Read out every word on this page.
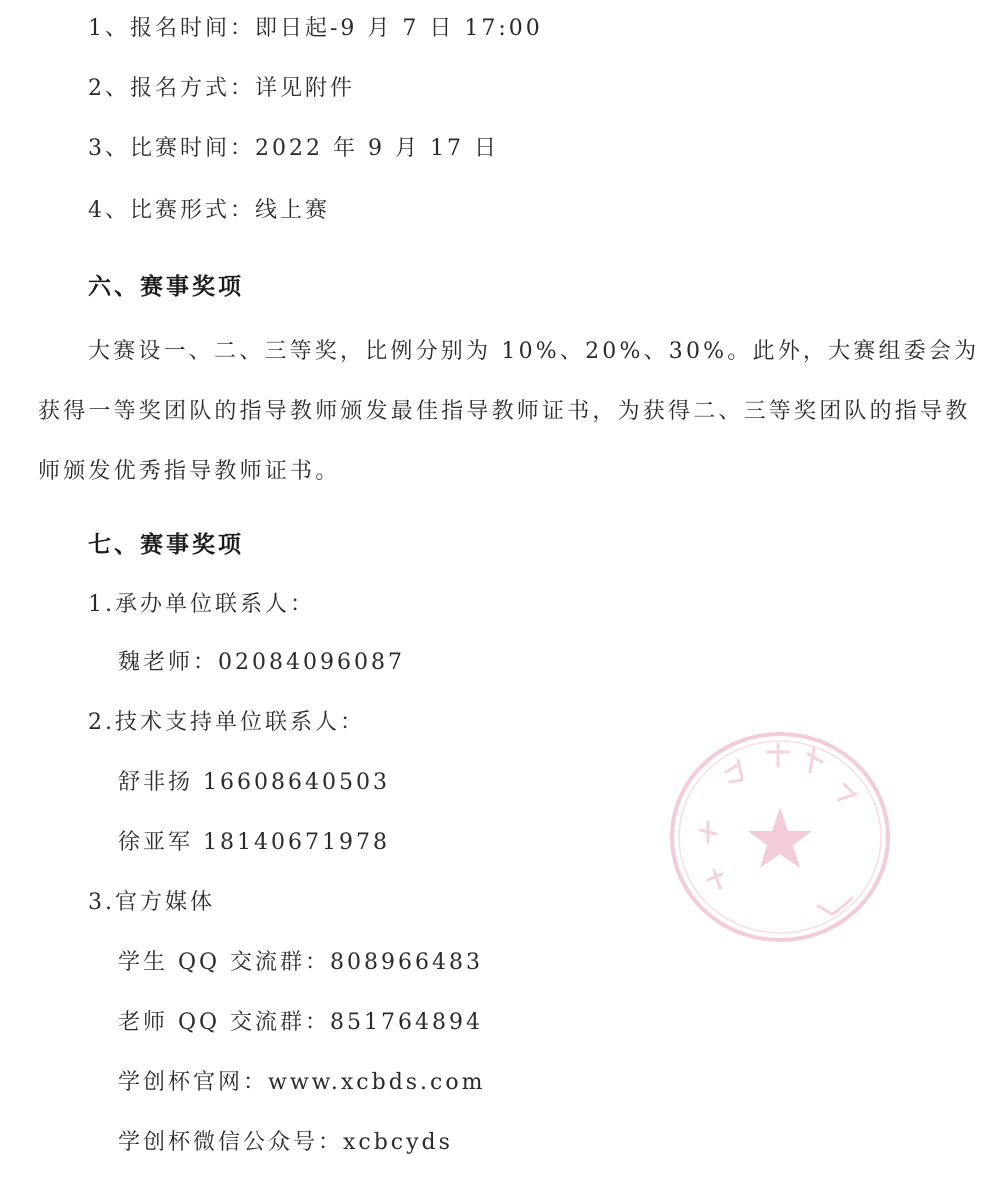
1、报名时间：即日起-9 月 7 日 17:00
2、报名方式：详见附件
3、比赛时间：2022 年 9 月 17 日
4、比赛形式：线上赛
六、赛事奖项
大赛设一、二、三等奖，比例分别为 10%、20%、30%。此外，大赛组委会为获得一等奖团队的指导教师颁发最佳指导教师证书，为获得二、三等奖团队的指导教师颁发优秀指导教师证书。
七、赛事奖项
1.承办单位联系人：
魏老师：02084096087
2.技术支持单位联系人：
舒非扬 16608640503
徐亚军 18140671978
3.官方媒体
学生 QQ 交流群：808966483
老师 QQ 交流群：851764894
学创杯官网：www.xcbds.com
学创杯微信公众号：xcbcyds
